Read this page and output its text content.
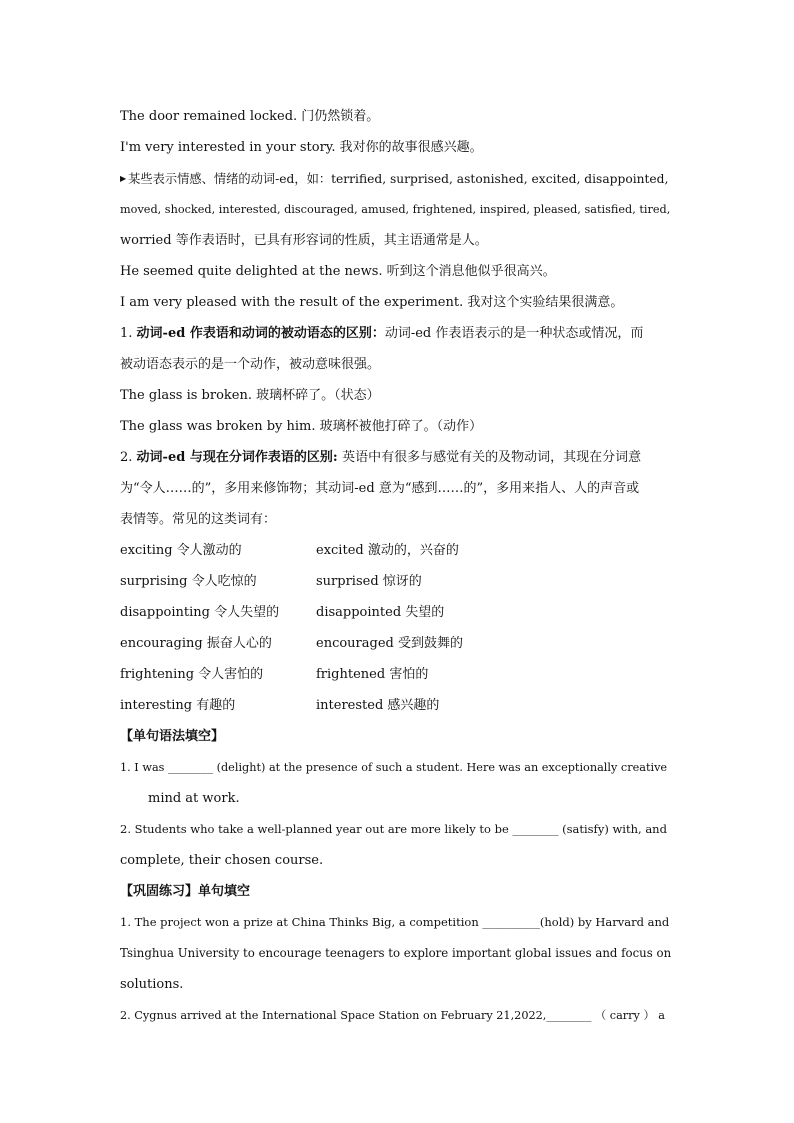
The door remained locked. 门仍然锁着。
I'm very interested in your story. 我对你的故事很感兴趣。
▶ 某些表示情感、情绪的动词-ed，如：terrified, surprised, astonished, excited, disappointed,
moved, shocked, interested, discouraged, amused, frightened, inspired, pleased, satisfied, tired,
worried 等作表语时，已具有形容词的性质，其主语通常是人。
He seemed quite delighted at the news. 听到这个消息他似乎很高兴。
I am very pleased with the result of the experiment. 我对这个实验结果很满意。
1. 动词-ed 作表语和动词的被动语态的区别：动词-ed 作表语表示的是一种状态或情况，而
被动语态表示的是一个动作，被动意味很强。
The glass is broken. 玻璃杯碎了。（状态）
The glass was broken by him. 玻璃杯被他打碎了。（动作）
2. 动词-ed 与现在分词作表语的区别: 英语中有很多与感觉有关的及物动词，其现在分词意
为“令人……的”，多用来修饰物；其动词-ed 意为“感到……的”，多用来指人、人的声音或
表情等。常见的这类词有：
exciting 令人激动的	excited 激动的，兴奋的
surprising 令人吃惊的	surprised 惊讶的
disappointing 令人失望的	disappointed 失望的
encouraging 振奋人心的	encouraged 受到鼓舞的
frightening 令人害怕的	frightened 害怕的
interesting 有趣的	interested 感兴趣的
【单句语法填空】
1. I was ________ (delight) at the presence of such a student. Here was an exceptionally creative
mind at work.
2. Students who take a well-planned year out are more likely to be ________ (satisfy) with, and
complete, their chosen course.
【巩固练习】单句填空
1. The project won a prize at China Thinks Big, a competition __________(hold) by Harvard and
Tsinghua University to encourage teenagers to explore important global issues and focus on
solutions.
2. Cygnus arrived at the International Space Station on February 21,2022,________ （ carry ） a
